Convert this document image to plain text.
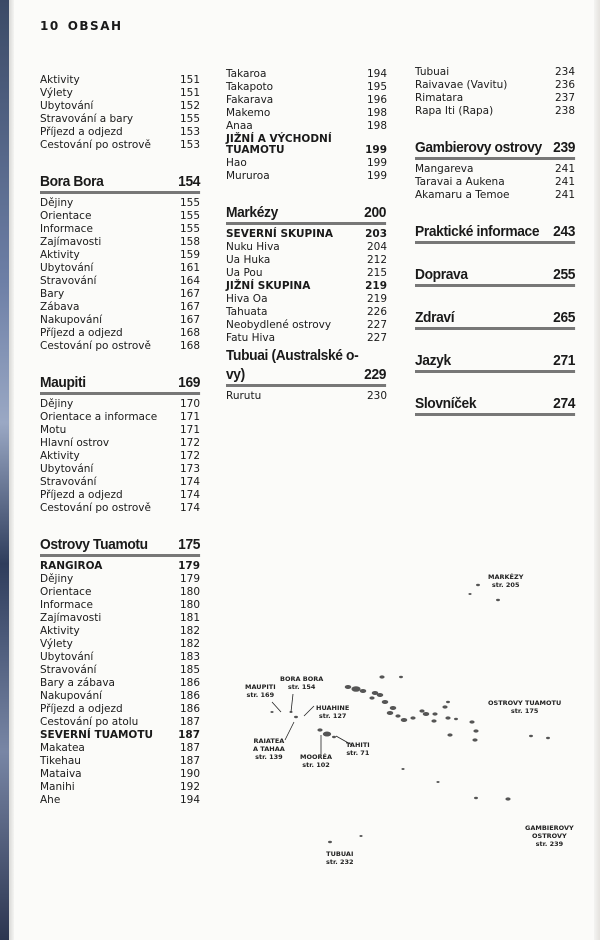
10 OBSAH
Aktivity	151
Výlety	151
Ubytování	152
Stravování a bary	155
Příjezd a odjezd	153
Cestování po ostrově	153
Bora Bora	154
Dějiny	155
Orientace	155
Informace	155
Zajímavosti	158
Aktivity	159
Ubytování	161
Stravování	164
Bary	167
Zábava	167
Nakupování	167
Příjezd a odjezd	168
Cestování po ostrově	168
Maupiti	169
Dějiny	170
Orientace a informace 171
Motu	171
Hlavní ostrov	172
Aktivity	172
Ubytování	173
Stravování	174
Příjezd a odjezd	174
Cestování po ostrově	174
Ostrovy Tuamotu 175
RANGIROA	179
Dějiny	179
Orientace	180
Informace	180
Zajímavosti	181
Aktivity	182
Výlety	182
Ubytování	183
Stravování	185
Bary a zábava	186
Nakupování	186
Příjezd a odjezd	186
Cestování po atolu	187
SEVERNÍ TUAMOTU 187
Makatea	187
Tikehau	187
Mataiva	190
Manihi	192
Ahe	194
Takaroa	194
Takapoto	195
Fakarava	196
Makemo	198
Anaa	198
JIŽNÍ A VÝCHODNÍ
TUAMOTU	199
Hao	199
Mururoa	199
Markézy	200
SEVERNÍ SKUPINA	203
Nuku Hiva	204
Ua Huka	212
Ua Pou	215
JIŽNÍ SKUPINA	219
Hiva Oa	219
Tahuata	226
Neobydlené ostrovy	227
Fatu Hiva	227
Tubuai (Australské o-vy)	229
Rurutu	230
Tubuai	234
Raivavae (Vavitu)	236
Rimatara	237
Rapa Iti (Rapa)	238
Gambierovy ostrovy 239
Mangareva	241
Taravai a Aukena	241
Akamaru a Temoe	241
Praktické informace 243
Doprava	255
Zdraví	265
Jazyk	271
Slovníček	274
MARKÉZY
str. 205
BORA BORA
str. 154
MAUPITI
str. 169
HUAHINE
str. 127
RAIATEA
A TAHAA
str. 139	MOORÉA
str. 102
TAHITI
str. 71
OSTROVY TUAMOTU
str. 175
GAMBIEROVY
OSTROVY
str. 239
TUBUAI
str. 232
